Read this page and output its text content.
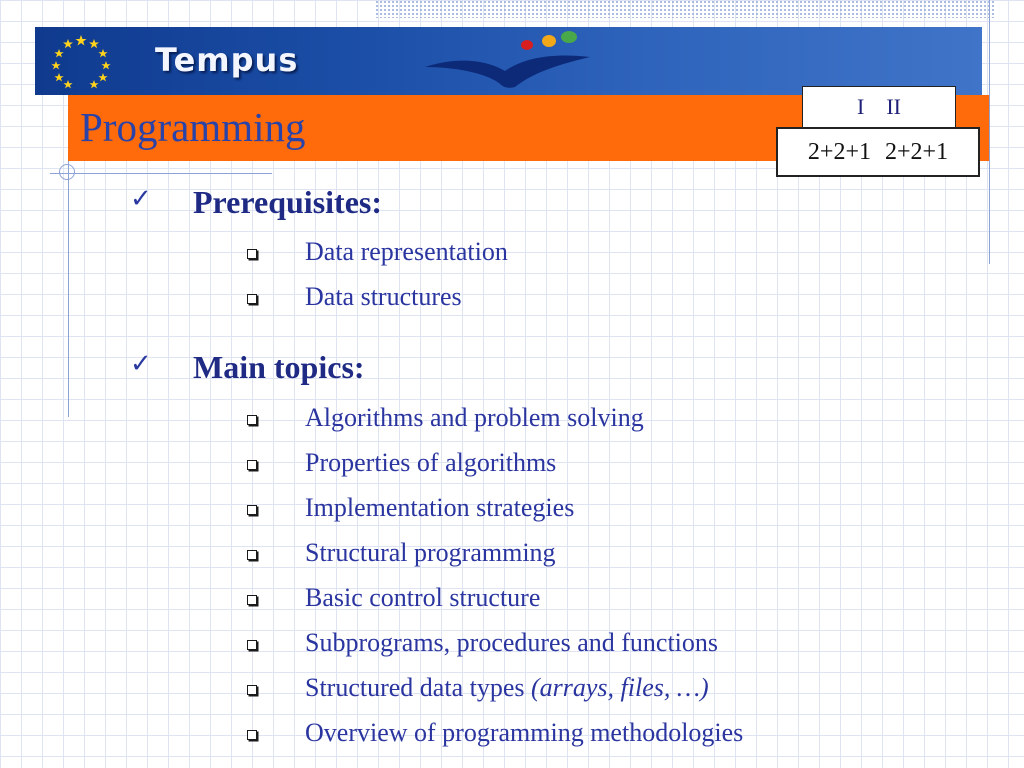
Tempus
Programming	I II
2+2+1 2+2+1
✓ Prerequisites:
Data representation
Data structures
✓ Main topics:
Algorithms and problem solving
Properties of algorithms
Implementation strategies
Structural programming
Basic control structure
Subprograms, procedures and functions
Structured data types (arrays, files, …)
Overview of programming methodologies
